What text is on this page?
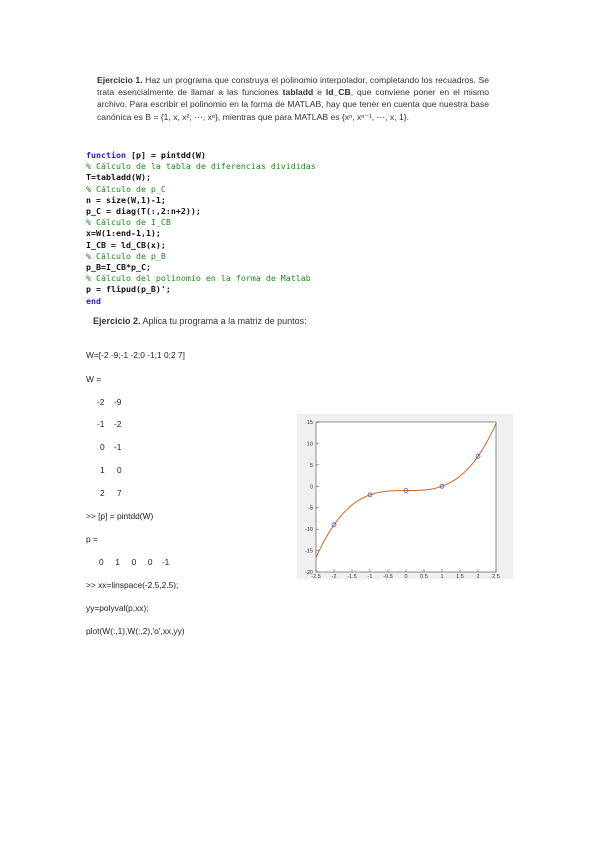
Ejercicio 1. Haz un programa que construya el polinomio interpolador, completando los recuadros. Se trata esencialmente de llamar a las funciones tabladd e ld_CB, que conviene poner en el mismo archivo. Para escribir el polinomio en la forma de MATLAB, hay que tener en cuenta que nuestra base canónica es B = {1, x, x², ⋯, xⁿ}, mientras que para MATLAB es {xⁿ, xⁿ⁻¹, ⋯, x, 1}.
function [p] = pintdd(W)
% Cálculo de la tabla de diferencias divididas
T=tabladd(W);
% Cálculo de p_C
n = size(W,1)-1;
p_C = diag(T(:,2:n+2));
% Cálculo de I_CB
x=W(1:end-1,1);
I_CB = ld_CB(x);
% Cálculo de p_B
p_B=I_CB*p_C;
% Cálculo del polinomio en la forma de Matlab
p = flipud(p_B)';
end
Ejercicio 2. Aplica tu programa a la matriz de puntos:
W=[-2 -9;-1 -2;0 -1;1 0;2 7]
W =
-2 -9
-1 -2
0 -1
1 0
2 7
>> [p] = pintdd(W)
p =
0     1     0     0    -1
>> xx=linspace(-2.5,2.5);
yy=polyval(p,xx);
plot(W(:,1),W(:,2),'o',xx,yy)
15
10
5
0
-5
-10
-15
-20
-2.5 -2 -1.5 -1 -0.5 0 0.5 1 1.5 2 2.5
